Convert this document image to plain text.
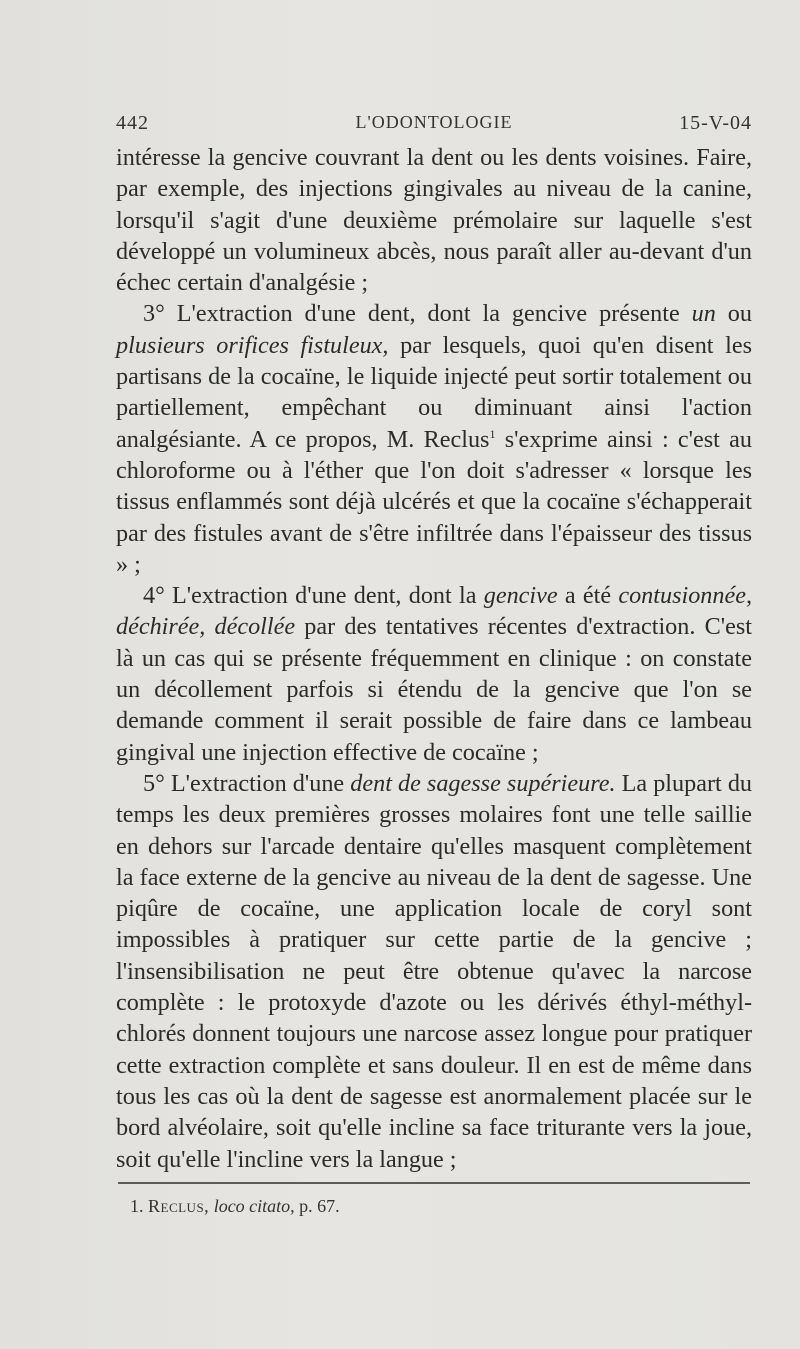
442	L'ODONTOLOGIE	15-V-04

intéresse la gencive couvrant la dent ou les dents voisines. Faire, par exemple, des injections gingivales au niveau de la canine, lorsqu'il s'agit d'une deuxième prémolaire sur laquelle s'est développé un volumineux abcès, nous paraît aller au-devant d'un échec certain d'analgésie ;

3° L'extraction d'une dent, dont la gencive présente un ou plusieurs orifices fistuleux, par lesquels, quoi qu'en disent les partisans de la cocaïne, le liquide injecté peut sortir totalement ou partiellement, empêchant ou diminuant ainsi l'action analgésiante. A ce propos, M. Reclus$^1$ s'exprime ainsi : c'est au chloroforme ou à l'éther que l'on doit s'adresser « lorsque les tissus enflammés sont déjà ulcérés et que la cocaïne s'échapperait par des fistules avant de s'être infiltrée dans l'épaisseur des tissus » ;

4° L'extraction d'une dent, dont la gencive a été contusionnée, déchirée, décollée par des tentatives récentes d'extraction. C'est là un cas qui se présente fréquemment en clinique : on constate un décollement parfois si étendu de la gencive que l'on se demande comment il serait possible de faire dans ce lambeau gingival une injection effective de cocaïne ;

5° L'extraction d'une dent de sagesse supérieure. La plupart du temps les deux premières grosses molaires font une telle saillie en dehors sur l'arcade dentaire qu'elles masquent complètement la face externe de la gencive au niveau de la dent de sagesse. Une piqûre de cocaïne, une application locale de coryl sont impossibles à pratiquer sur cette partie de la gencive ; l'insensibilisation ne peut être obtenue qu'avec la narcose complète : le protoxyde d'azote ou les dérivés éthyl-méthyl-chlorés donnent toujours une narcose assez longue pour pratiquer cette extraction complète et sans douleur. Il en est de même dans tous les cas où la dent de sagesse est anormalement placée sur le bord alvéolaire, soit qu'elle incline sa face triturante vers la joue, soit qu'elle l'incline vers la langue ;

1. Reclus, loco citato, p. 67.
